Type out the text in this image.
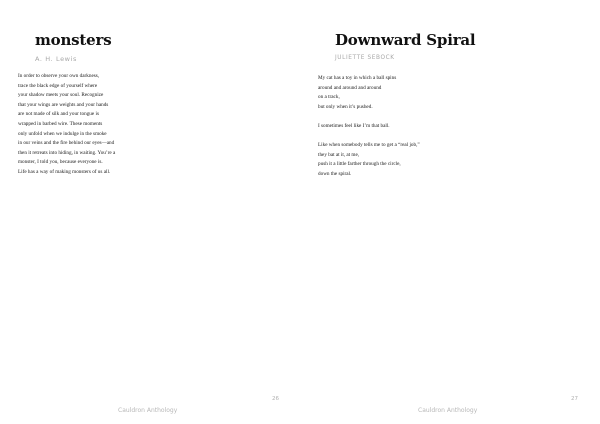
monsters
A. H. Lewis
In order to observe your own darkness,
trace the black edge of yourself where
your shadow meets your soul. Recognize
that your wings are weights and your hands
are not made of silk and your tongue is
wrapped in barbed wire. These moments
only unfold when we indulge in the smoke
in our veins and the fire behind our eyes—and
then it retreats into hiding, in waiting. You’re a
monster, I told you, because everyone is.
Life has a way of making monsters of us all.
26
Cauldron Anthology
Downward Spiral
JULIETTE SEBOCK
My cat has a toy in which a ball spins
around and around and around
on a track,
but only when it’s pushed.
I sometimes feel like I’m that ball.
Like when somebody tells me to get a “real job,”
they bat at it, at me,
push it a little farther through the circle,
down the spiral.
27
Cauldron Anthology
